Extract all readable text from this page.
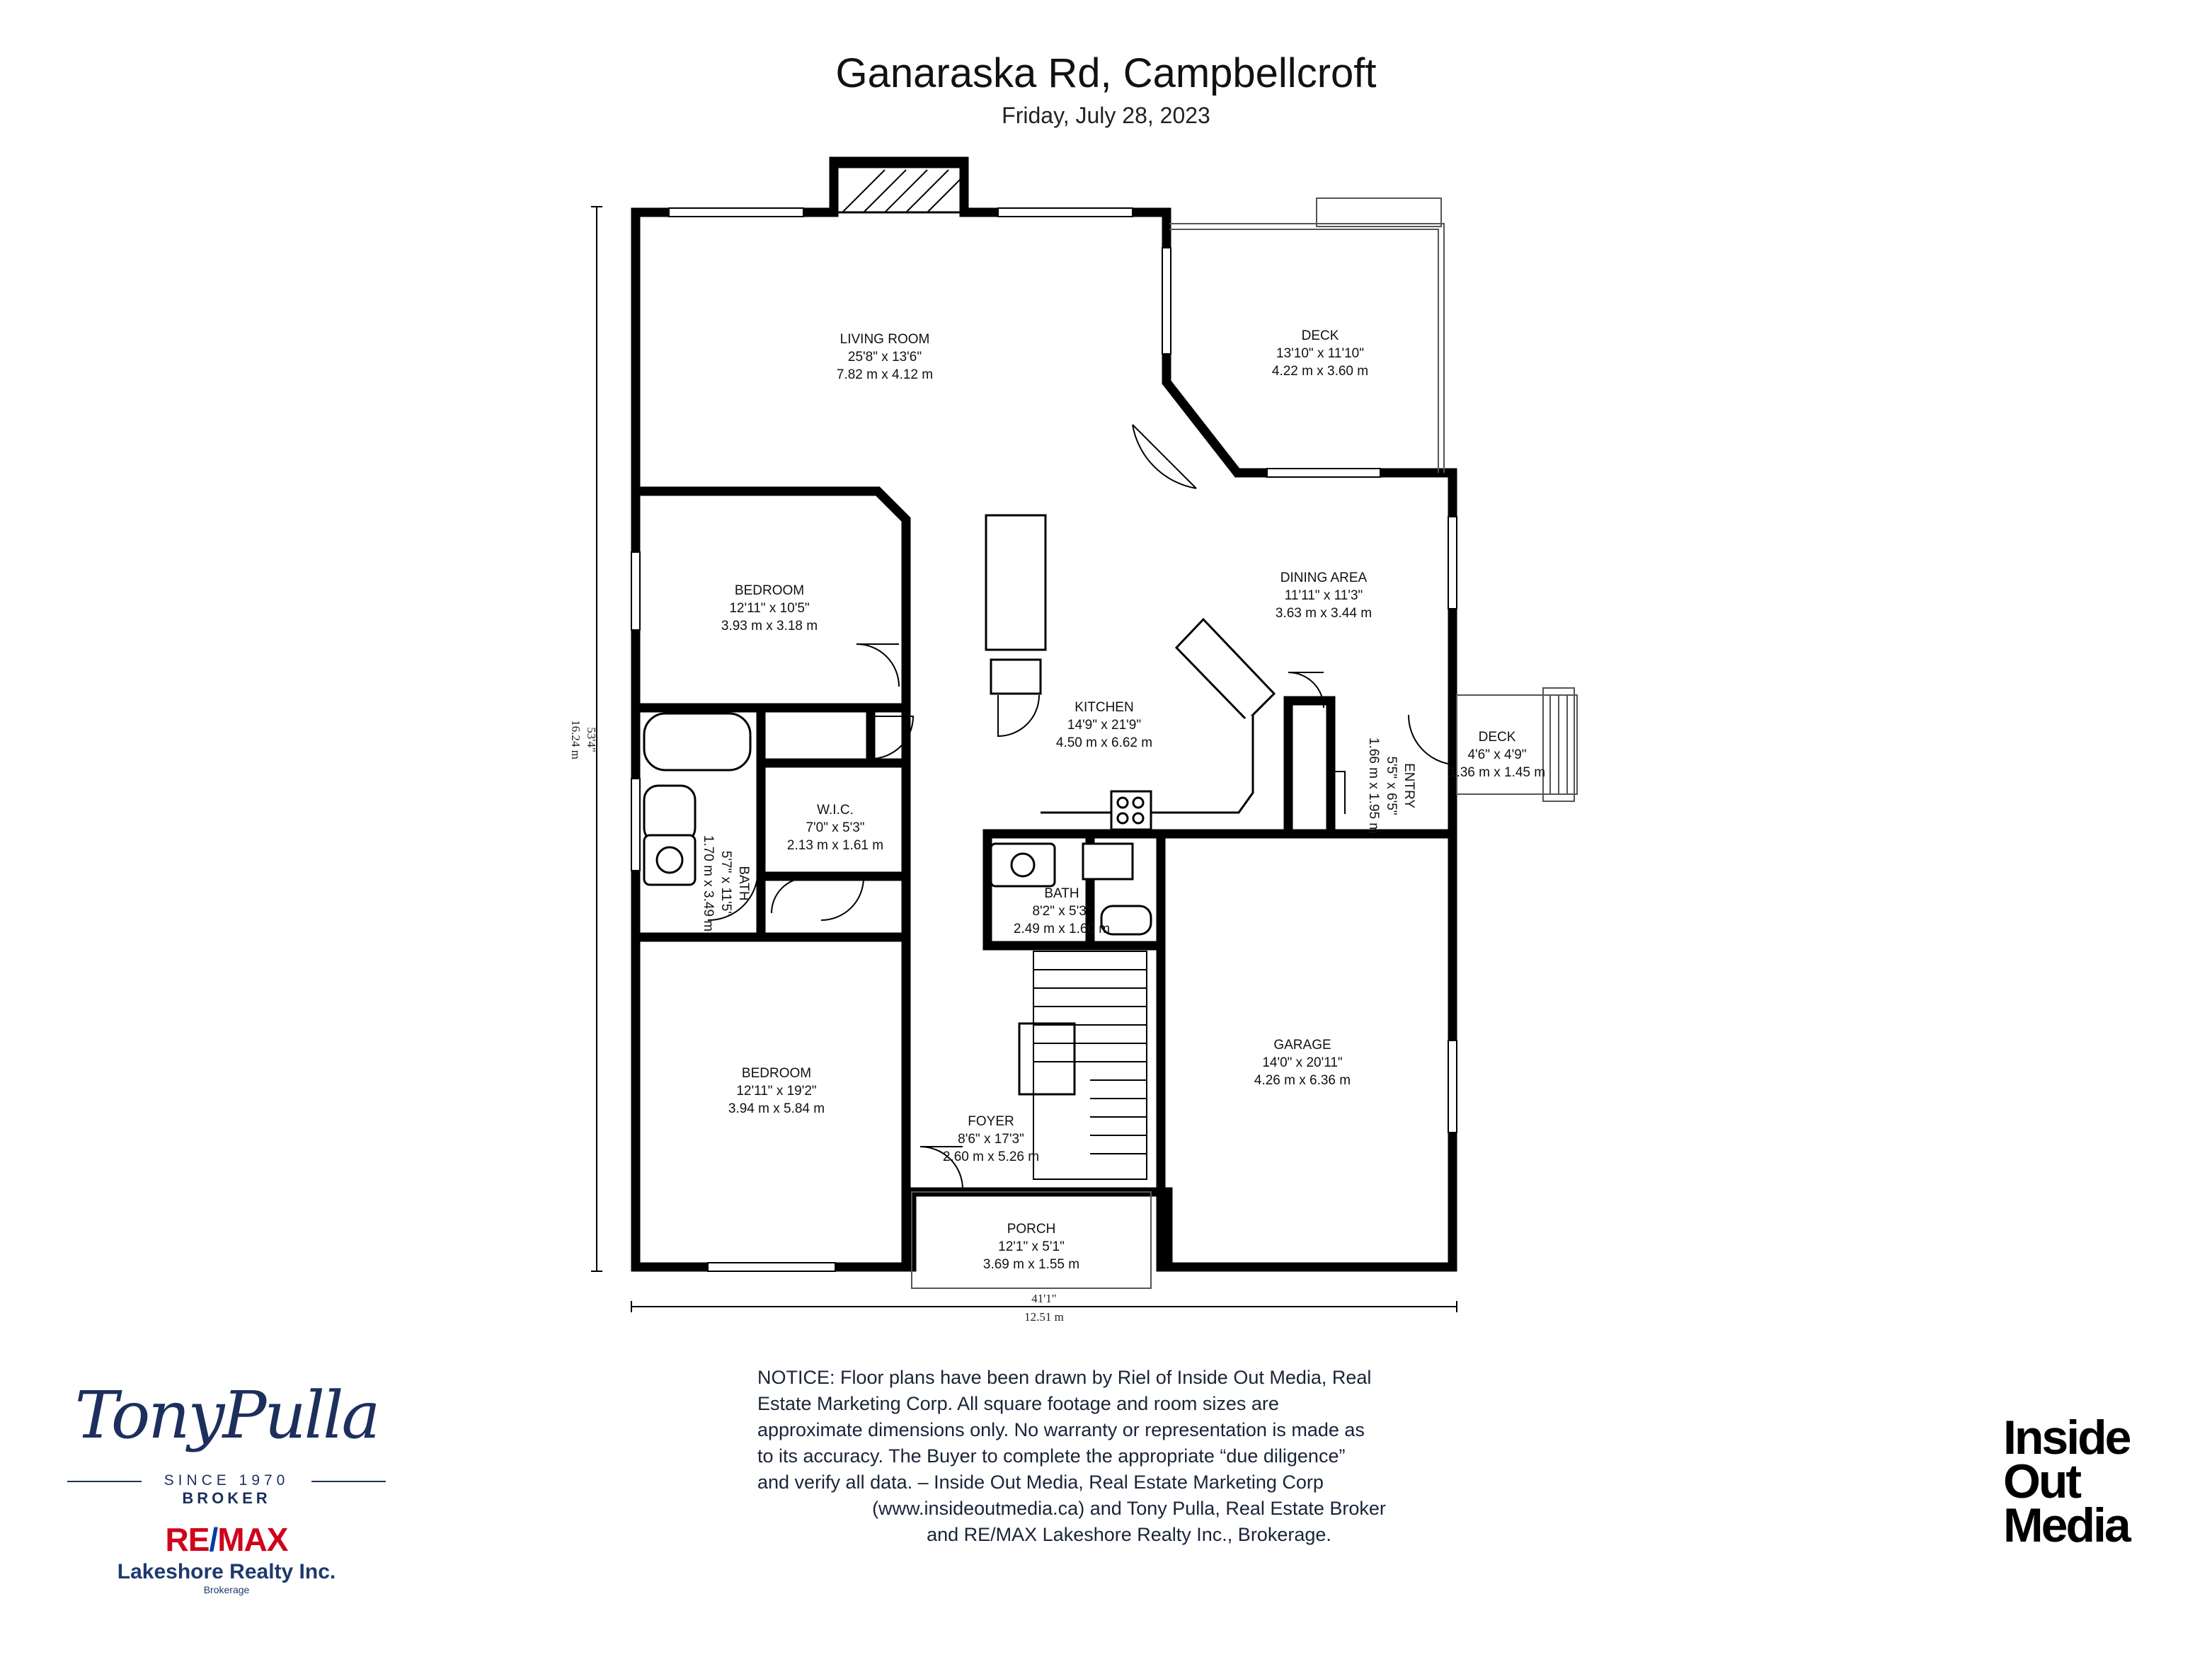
Ganaraska Rd, Campbellcroft
Friday, July 28, 2023
LIVING ROOM
25'8" x 13'6"
7.82 m x 4.12 m
DECK
13'10" x 11'10"
4.22 m x 3.60 m
BEDROOM
12'11" x 10'5"
3.93 m x 3.18 m
DINING AREA
11'11" x 11'3"
3.63 m x 3.44 m
KITCHEN
14'9" x 21'9"
4.50 m x 6.62 m
ENTRY
5'5" x 6'5"
1.66 m x 1.95 m
DECK
4'6" x 4'9"
1.36 m x 1.45 m
W.I.C.
7'0" x 5'3"
2.13 m x 1.61 m
BATH
5'7" x 11'5"
1.70 m x 3.49 m	BATH
8'2" x 5'3"
2.49 m x 1.60 m
BEDROOM
12'11" x 19'2"
3.94 m x 5.84 m
GARAGE
14'0" x 20'11"
4.26 m x 6.36 m
FOYER
8'6" x 17'3"
2.60 m x 5.26 m
PORCH
12'1" x 5'1"
3.69 m x 1.55 m
41'1"
12.51 m
53'4"
16.24 m
NOTICE: Floor plans have been drawn by Riel of Inside Out Media, Real
Estate Marketing Corp. All square footage and room sizes are
approximate dimensions only. No warranty or representation is made as
to its accuracy. The Buyer to complete the appropriate “due diligence”
and verify all data. – Inside Out Media, Real Estate Marketing Corp
(www.insideoutmedia.ca) and Tony Pulla, Real Estate Broker
and RE/MAX Lakeshore Realty Inc., Brokerage.
TonyPulla
SINCE 1970
BROKER
RE/MAX
Lakeshore Realty Inc.
Brokerage
Inside
Out
Media
